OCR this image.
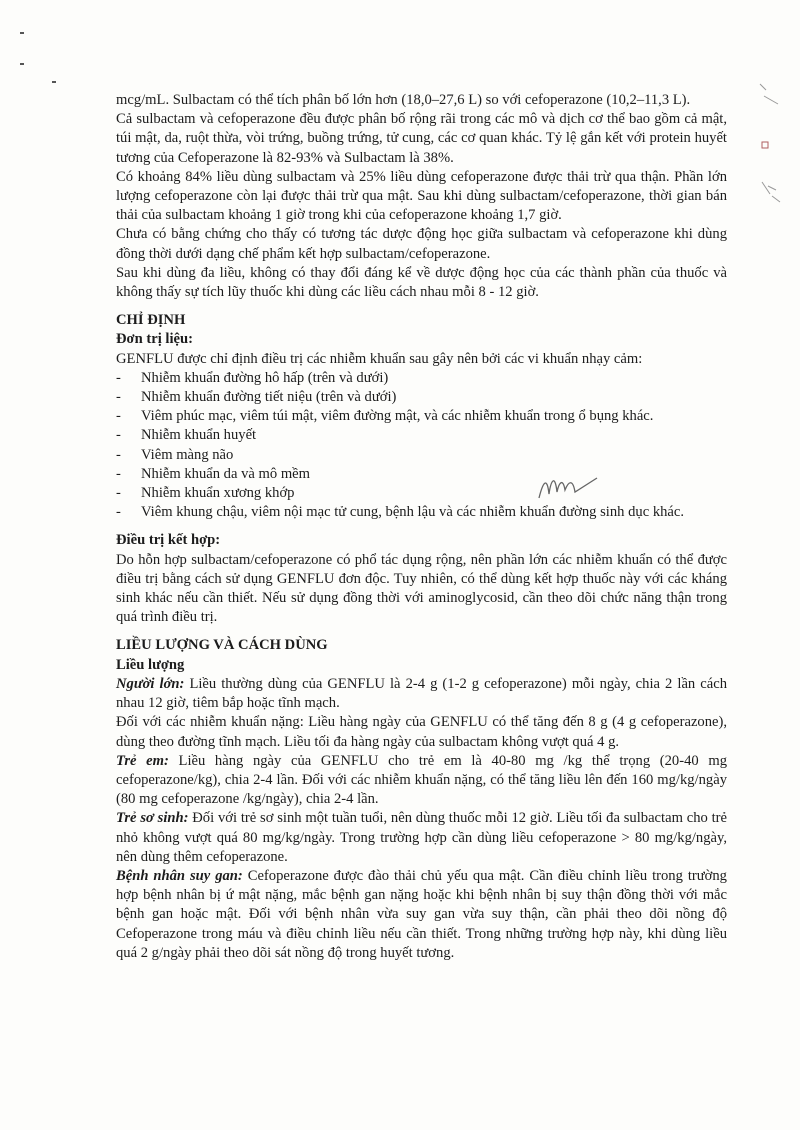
mcg/mL. Sulbactam có thể tích phân bố lớn hơn (18,0–27,6 L) so với cefoperazone (10,2–11,3 L).

Cả sulbactam và cefoperazone đều được phân bố rộng rãi trong các mô và dịch cơ thể bao gồm cả mật, túi mật, da, ruột thừa, vòi trứng, buồng trứng, tử cung, các cơ quan khác. Tỷ lệ gắn kết với protein huyết tương của Cefoperazone là 82-93% và Sulbactam là 38%.

Có khoảng 84% liều dùng sulbactam và 25% liều dùng cefoperazone được thải trừ qua thận. Phần lớn lượng cefoperazone còn lại được thải trừ qua mật. Sau khi dùng sulbactam/cefoperazone, thời gian bán thải của sulbactam khoảng 1 giờ trong khi của cefoperazone khoảng 1,7 giờ.

Chưa có bằng chứng cho thấy có tương tác dược động học giữa sulbactam và cefoperazone khi dùng đồng thời dưới dạng chế phẩm kết hợp sulbactam/cefoperazone.

Sau khi dùng đa liều, không có thay đổi đáng kể về dược động học của các thành phần của thuốc và không thấy sự tích lũy thuốc khi dùng các liều cách nhau mỗi 8 - 12 giờ.

CHỈ ĐỊNH

Đơn trị liệu:

GENFLU được chỉ định điều trị các nhiễm khuẩn sau gây nên bởi các vi khuẩn nhạy cảm:

- Nhiễm khuẩn đường hô hấp (trên và dưới)
- Nhiễm khuẩn đường tiết niệu (trên và dưới)
- Viêm phúc mạc, viêm túi mật, viêm đường mật, và các nhiễm khuẩn trong ổ bụng khác.
- Nhiễm khuẩn huyết
- Viêm màng não
- Nhiễm khuẩn da và mô mềm
- Nhiễm khuẩn xương khớp
- Viêm khung chậu, viêm nội mạc tử cung, bệnh lậu và các nhiễm khuẩn đường sinh dục khác.

Điều trị kết hợp:

Do hỗn hợp sulbactam/cefoperazone có phổ tác dụng rộng, nên phần lớn các nhiễm khuẩn có thể được điều trị bằng cách sử dụng GENFLU đơn độc. Tuy nhiên, có thể dùng kết hợp thuốc này với các kháng sinh khác nếu cần thiết. Nếu sử dụng đồng thời với aminoglycosid, cần theo dõi chức năng thận trong quá trình điều trị.

LIỀU LƯỢNG VÀ CÁCH DÙNG

Liều lượng

Người lớn: Liều thường dùng của GENFLU là 2-4 g (1-2 g cefoperazone) mỗi ngày, chia 2 lần cách nhau 12 giờ, tiêm bắp hoặc tĩnh mạch.

Đối với các nhiễm khuẩn nặng: Liều hàng ngày của GENFLU có thể tăng đến 8 g (4 g cefoperazone), dùng theo đường tĩnh mạch. Liều tối đa hàng ngày của sulbactam không vượt quá 4 g.

Trẻ em: Liều hàng ngày của GENFLU cho trẻ em là 40-80 mg /kg thể trọng (20-40 mg cefoperazone/kg), chia 2-4 lần. Đối với các nhiễm khuẩn nặng, có thể tăng liều lên đến 160 mg/kg/ngày (80 mg cefoperazone /kg/ngày), chia 2-4 lần.

Trẻ sơ sinh: Đối với trẻ sơ sinh một tuần tuổi, nên dùng thuốc mỗi 12 giờ. Liều tối đa sulbactam cho trẻ nhỏ không vượt quá 80 mg/kg/ngày. Trong trường hợp cần dùng liều cefoperazone > 80 mg/kg/ngày, nên dùng thêm cefoperazone.

Bệnh nhân suy gan: Cefoperazone được đào thải chủ yếu qua mật. Cần điều chỉnh liều trong trường hợp bệnh nhân bị ứ mật nặng, mắc bệnh gan nặng hoặc khi bệnh nhân bị suy thận đồng thời với mắc bệnh gan hoặc mật. Đối với bệnh nhân vừa suy gan vừa suy thận, cần phải theo dõi nồng độ Cefoperazone trong máu và điều chỉnh liều nếu cần thiết. Trong những trường hợp này, khi dùng liều quá 2 g/ngày phải theo dõi sát nồng độ trong huyết tương.
